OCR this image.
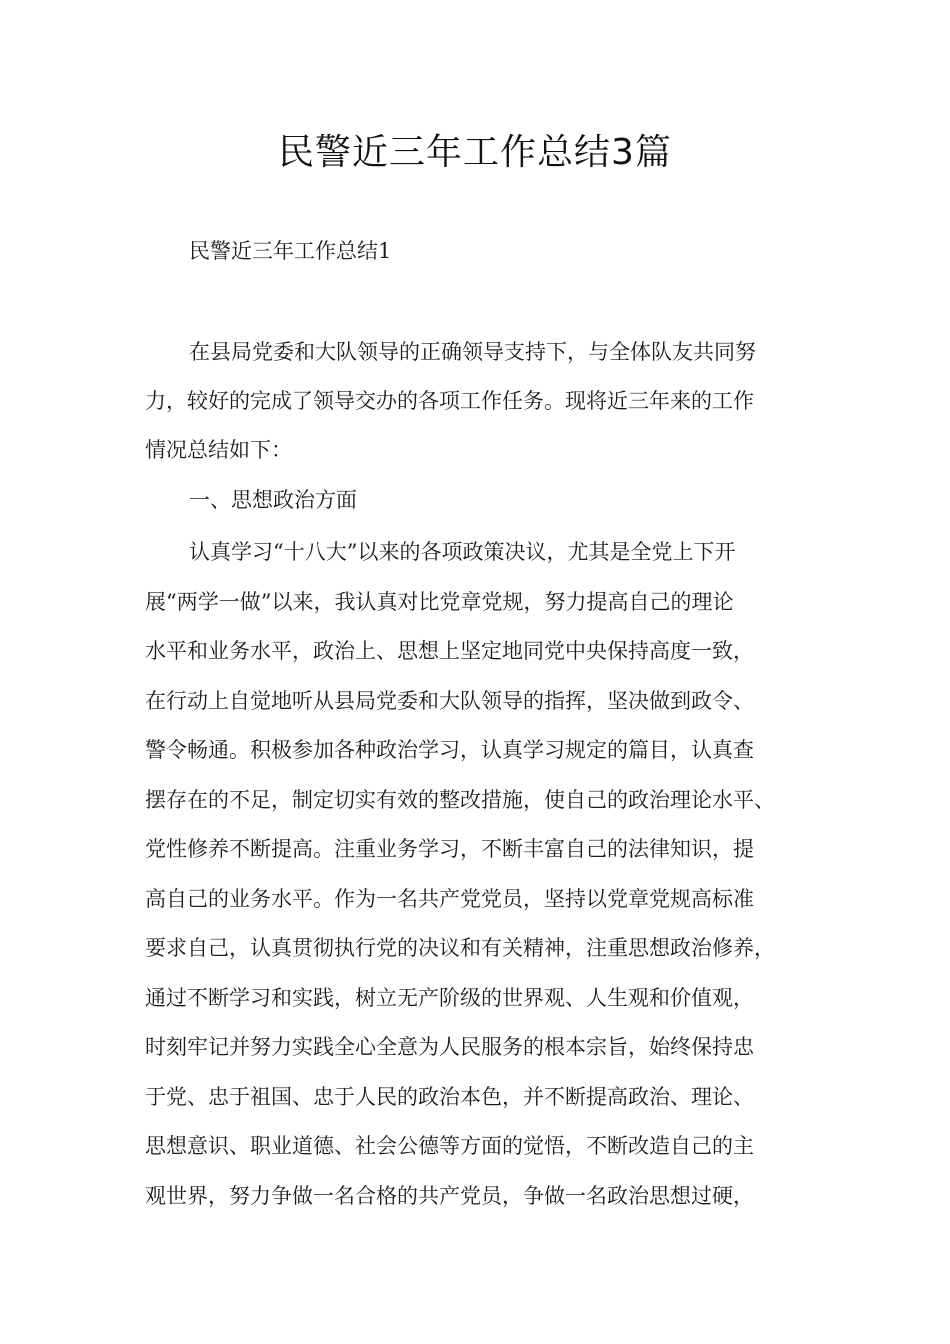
民警近三年工作总结3篇
民警近三年工作总结1
在县局党委和大队领导的正确领导支持下，与全体队友共同努
力，较好的完成了领导交办的各项工作任务。现将近三年来的工作
情况总结如下：
一、思想政治方面
认真学习“十八大”以来的各项政策决议，尤其是全党上下开
展“两学一做”以来，我认真对比党章党规，努力提高自己的理论
水平和业务水平，政治上、思想上坚定地同党中央保持高度一致，
在行动上自觉地听从县局党委和大队领导的指挥，坚决做到政令、
警令畅通。积极参加各种政治学习，认真学习规定的篇目，认真查
摆存在的不足，制定切实有效的整改措施，使自己的政治理论水平、
党性修养不断提高。注重业务学习，不断丰富自己的法律知识，提
高自己的业务水平。作为一名共产党党员，坚持以党章党规高标准
要求自己，认真贯彻执行党的决议和有关精神，注重思想政治修养，
通过不断学习和实践，树立无产阶级的世界观、人生观和价值观，
时刻牢记并努力实践全心全意为人民服务的根本宗旨，始终保持忠
于党、忠于祖国、忠于人民的政治本色，并不断提高政治、理论、
思想意识、职业道德、社会公德等方面的觉悟，不断改造自己的主
观世界，努力争做一名合格的共产党员，争做一名政治思想过硬，
